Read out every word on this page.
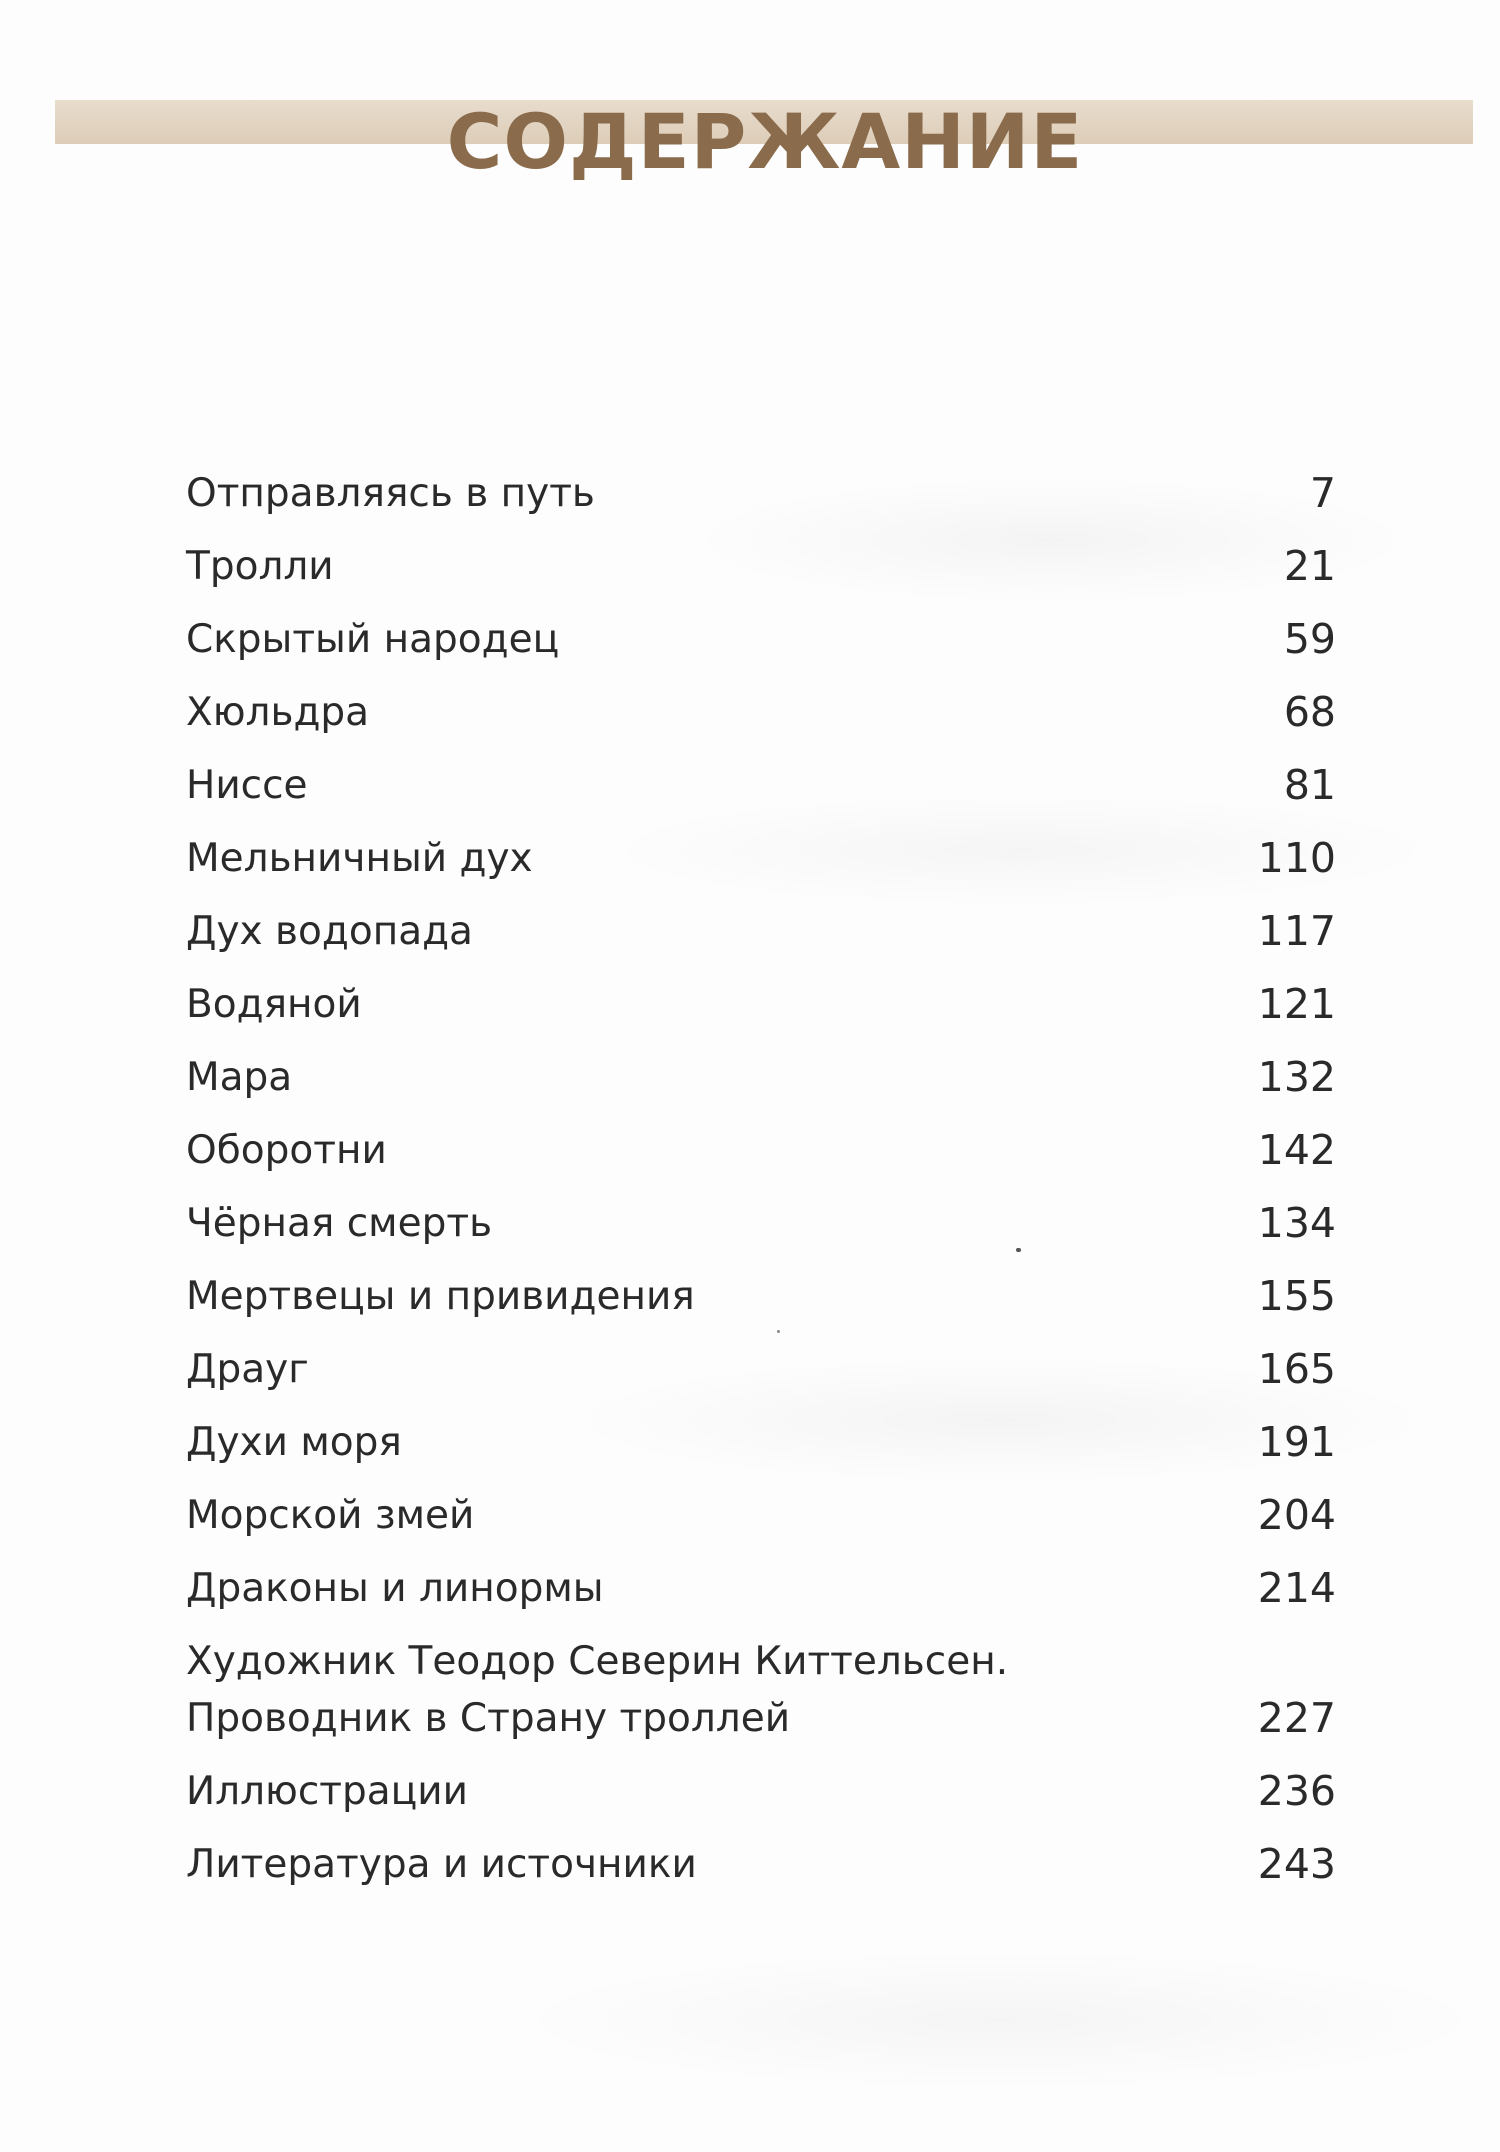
СОДЕРЖАНИЕ
Отправляясь в путь	7
Тролли	21
Скрытый народец	59
Хюльдра	68
Ниссе	81
Мельничный дух	110
Дух водопада	117
Водяной	121
Мара	132
Оборотни	142
Чёрная смерть	134
Мертвецы и привидения	155
Драуг	165
Духи моря	191
Морской змей	204
Драконы и линормы	214
Художник Теодор Северин Киттельсен.
Проводник в Страну троллей	227
Иллюстрации	236
Литература и источники	243
